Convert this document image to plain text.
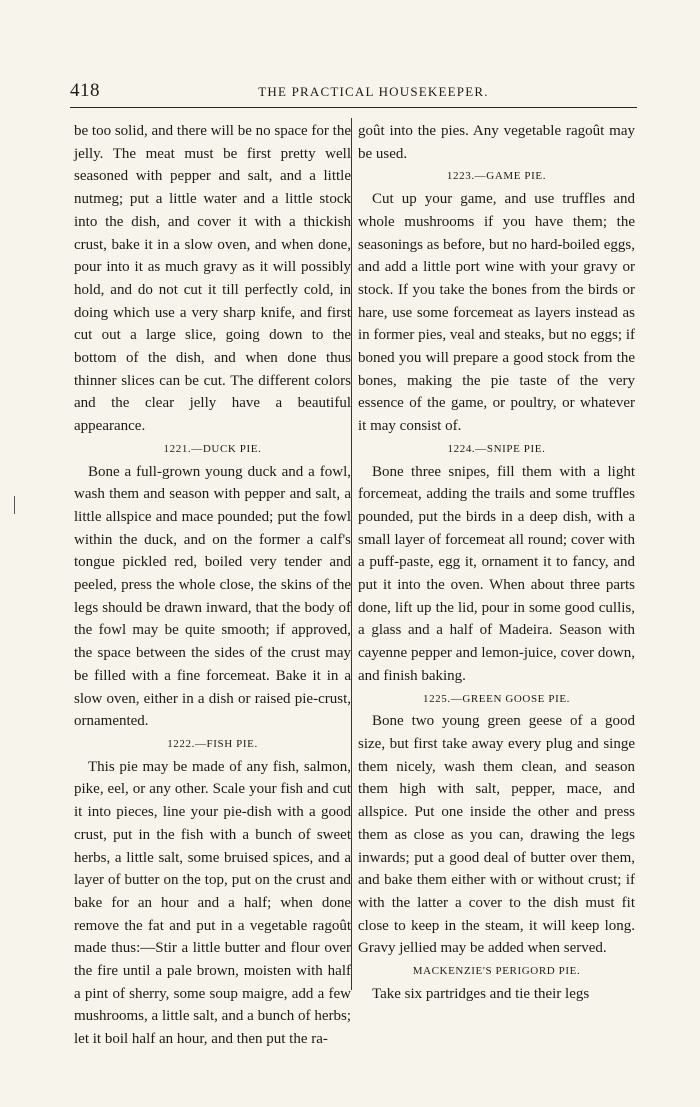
418	THE PRACTICAL HOUSEKEEPER.

be too solid, and there will be no space for the jelly. The meat must be first pretty well seasoned with pepper and salt, and a little nutmeg; put a little water and a little stock into the dish, and cover it with a thickish crust, bake it in a slow oven, and when done, pour into it as much gravy as it will possibly hold, and do not cut it till perfectly cold, in doing which use a very sharp knife, and first cut out a large slice, going down to the bottom of the dish, and when done thus thinner slices can be cut. The different colors and the clear jelly have a beautiful appearance.

1221.—DUCK PIE.

Bone a full-grown young duck and a fowl, wash them and season with pepper and salt, a little allspice and mace pounded; put the fowl within the duck, and on the former a calf's tongue pickled red, boiled very tender and peeled, press the whole close, the skins of the legs should be drawn inward, that the body of the fowl may be quite smooth; if approved, the space between the sides of the crust may be filled with a fine forcemeat. Bake it in a slow oven, either in a dish or raised pie-crust, ornamented.

1222.—FISH PIE.

This pie may be made of any fish, salmon, pike, eel, or any other. Scale your fish and cut it into pieces, line your pie-dish with a good crust, put in the fish with a bunch of sweet herbs, a little salt, some bruised spices, and a layer of butter on the top, put on the crust and bake for an hour and a half; when done remove the fat and put in a vegetable ragoût made thus:—Stir a little butter and flour over the fire until a pale brown, moisten with half a pint of sherry, some soup maigre, add a few mushrooms, a little salt, and a bunch of herbs; let it boil half an hour, and then put the ra-

goût into the pies. Any vegetable ragoût may be used.

1223.—GAME PIE.

Cut up your game, and use truffles and whole mushrooms if you have them; the seasonings as before, but no hard-boiled eggs, and add a little port wine with your gravy or stock. If you take the bones from the birds or hare, use some forcemeat as layers instead as in former pies, veal and steaks, but no eggs; if boned you will prepare a good stock from the bones, making the pie taste of the very essence of the game, or poultry, or whatever it may consist of.

1224.—SNIPE PIE.

Bone three snipes, fill them with a light forcemeat, adding the trails and some truffles pounded, put the birds in a deep dish, with a small layer of forcemeat all round; cover with a puff-paste, egg it, ornament it to fancy, and put it into the oven. When about three parts done, lift up the lid, pour in some good cullis, a glass and a half of Madeira. Season with cayenne pepper and lemon-juice, cover down, and finish baking.

1225.—GREEN GOOSE PIE.

Bone two young green geese of a good size, but first take away every plug and singe them nicely, wash them clean, and season them high with salt, pepper, mace, and allspice. Put one inside the other and press them as close as you can, drawing the legs inwards; put a good deal of butter over them, and bake them either with or without crust; if with the latter a cover to the dish must fit close to keep in the steam, it will keep long. Gravy jellied may be added when served.

MACKENZIE'S PERIGORD PIE.

Take six partridges and tie their legs
